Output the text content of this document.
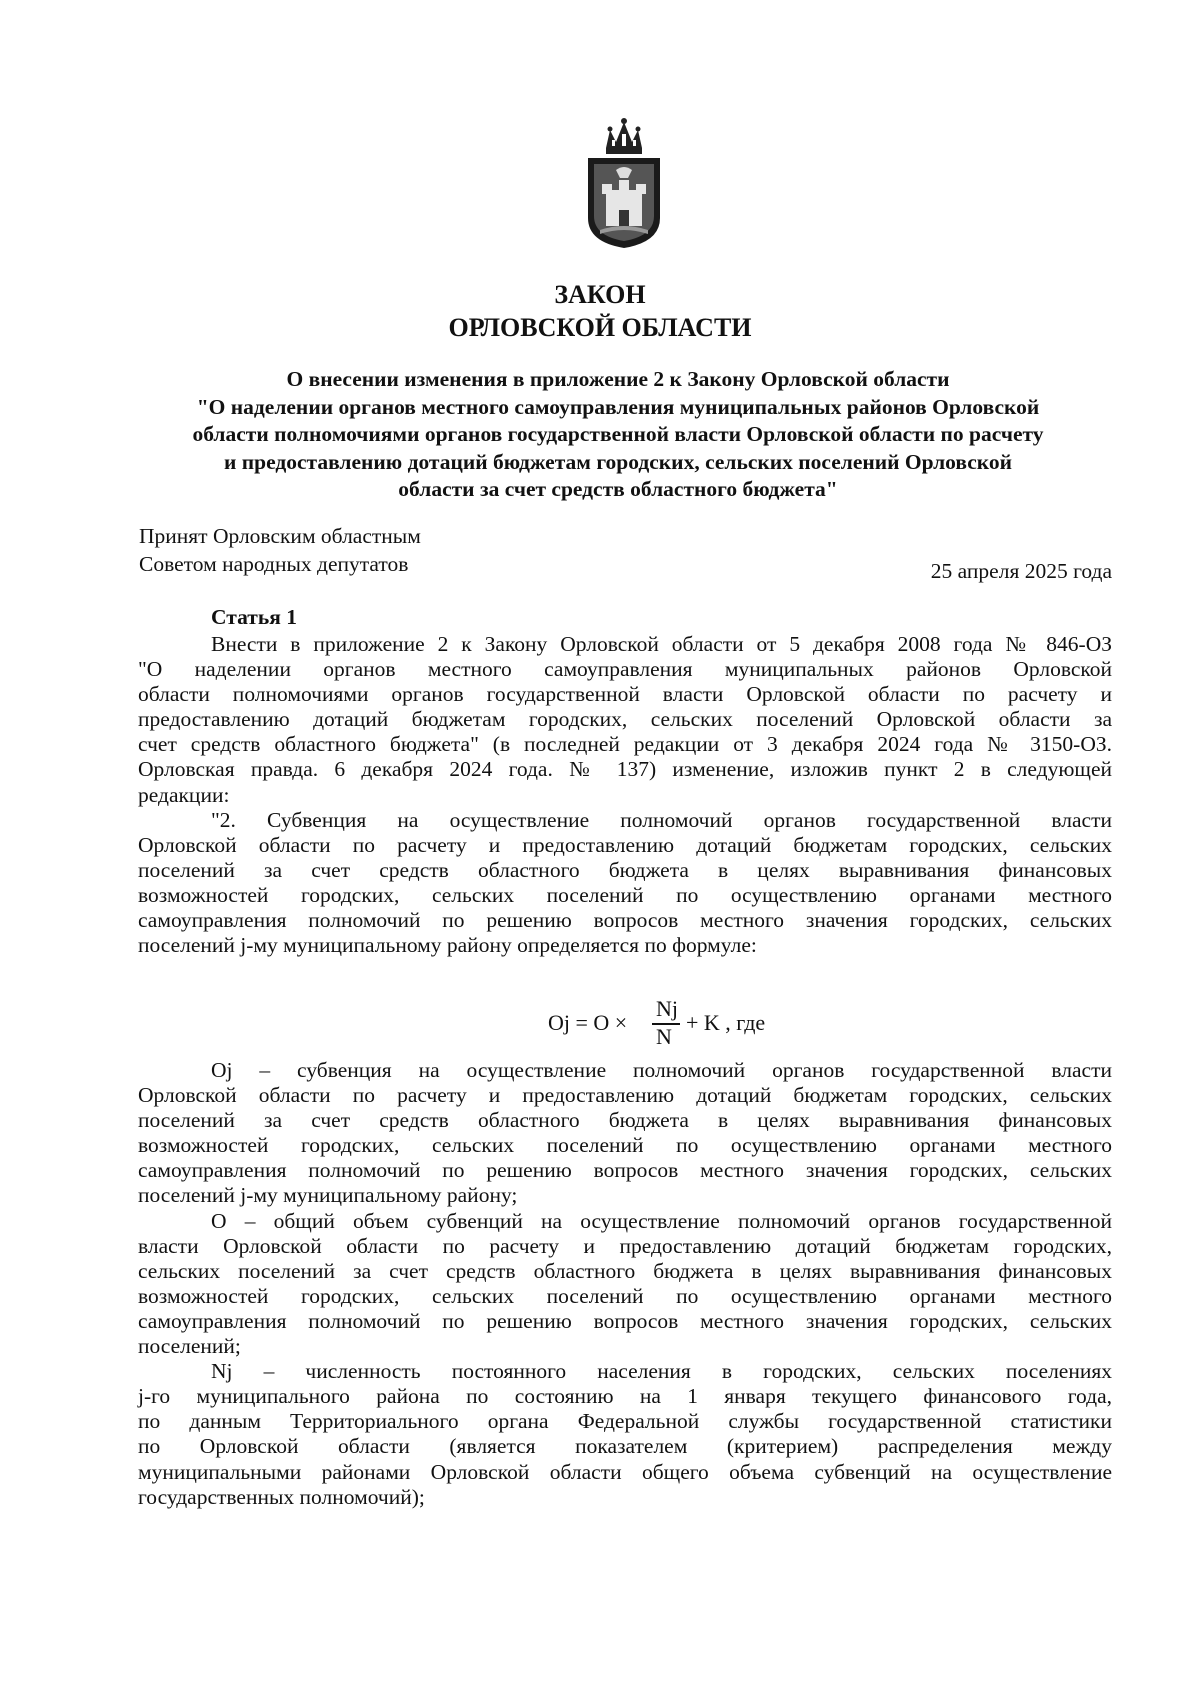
ЗАКОН
ОРЛОВСКОЙ ОБЛАСТИ
О внесении изменения в приложение 2 к Закону Орловской области
"О наделении органов местного самоуправления муниципальных районов Орловской
области полномочиями органов государственной власти Орловской области по расчету
и предоставлению дотаций бюджетам городских, сельских поселений Орловской
области за счет средств областного бюджета"
Принят Орловским областным
Советом народных депутатов	25 апреля 2025 года
Статья 1
Внести в приложение 2 к Закону Орловской области от 5 декабря 2008 года № 846-ОЗ
"О наделении органов местного самоуправления муниципальных районов Орловской
области полномочиями органов государственной власти Орловской области по расчету и
предоставлению дотаций бюджетам городских, сельских поселений Орловской области за
счет средств областного бюджета" (в последней редакции от 3 декабря 2024 года № 3150-ОЗ.
Орловская правда. 6 декабря 2024 года. № 137) изменение, изложив пункт 2 в следующей
редакции:
"2. Субвенция на осуществление полномочий органов государственной власти
Орловской области по расчету и предоставлению дотаций бюджетам городских, сельских
поселений за счет средств областного бюджета в целях выравнивания финансовых
возможностей городских, сельских поселений по осуществлению органами местного
самоуправления полномочий по решению вопросов местного значения городских, сельских
поселений j-му муниципальному району определяется по формуле:
Oj = O ×
Nj
N
+ K , где
Oj – субвенция на осуществление полномочий органов государственной власти
Орловской области по расчету и предоставлению дотаций бюджетам городских, сельских
поселений за счет средств областного бюджета в целях выравнивания финансовых
возможностей городских, сельских поселений по осуществлению органами местного
самоуправления полномочий по решению вопросов местного значения городских, сельских
поселений j-му муниципальному району;
О – общий объем субвенций на осуществление полномочий органов государственной
власти Орловской области по расчету и предоставлению дотаций бюджетам городских,
сельских поселений за счет средств областного бюджета в целях выравнивания финансовых
возможностей городских, сельских поселений по осуществлению органами местного
самоуправления полномочий по решению вопросов местного значения городских, сельских
поселений;
Nj – численность постоянного населения в городских, сельских поселениях
j-го муниципального района по состоянию на 1 января текущего финансового года,
по данным Территориального органа Федеральной службы государственной статистики
по Орловской области (является показателем (критерием) распределения между
муниципальными районами Орловской области общего объема субвенций на осуществление
государственных полномочий);
